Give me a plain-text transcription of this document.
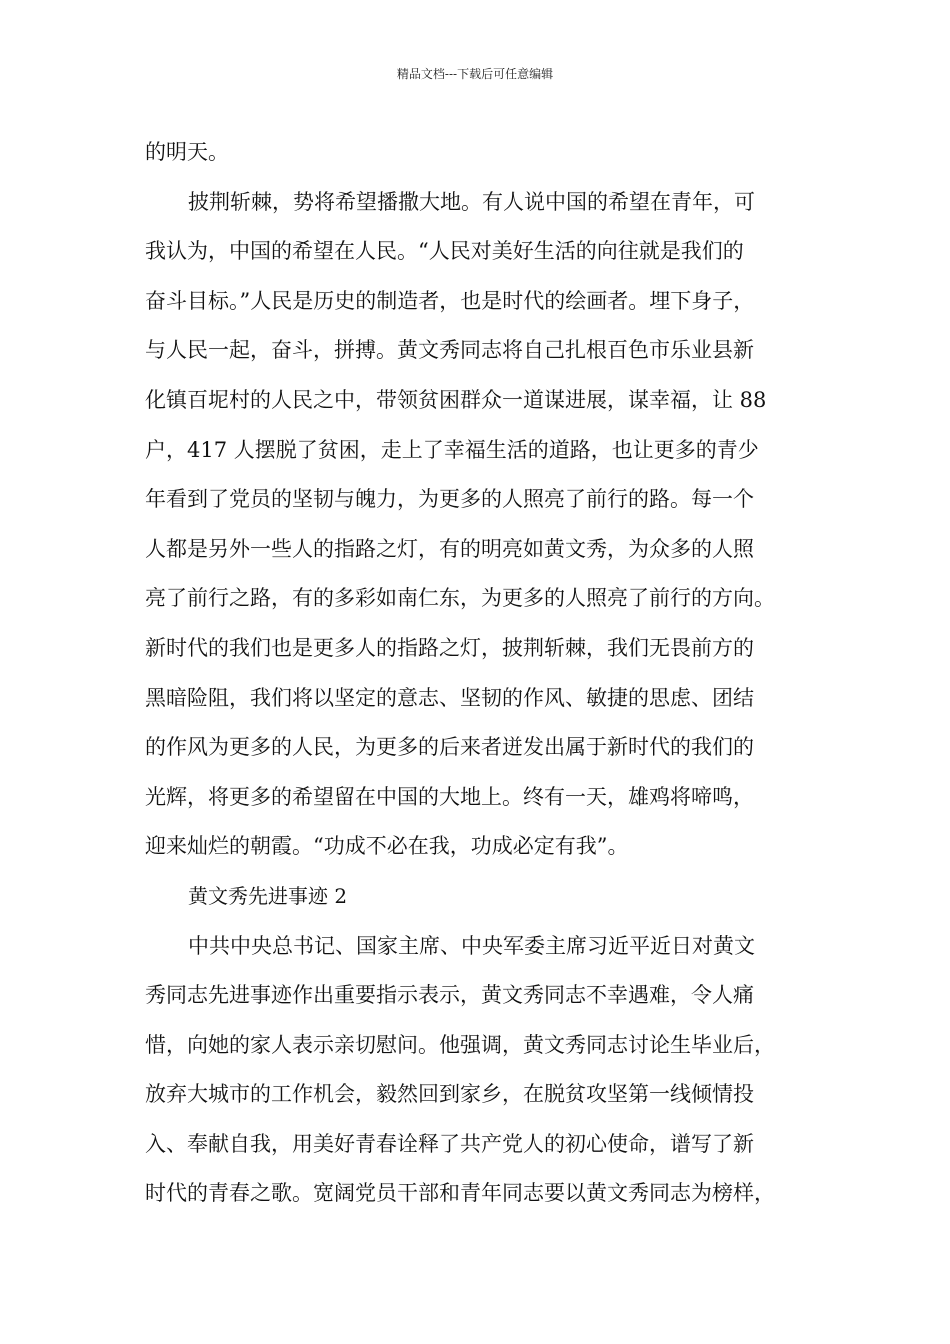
精品文档---下载后可任意编辑
的明天。
披荆斩棘，势将希望播撒大地。有人说中国的希望在青年，可
我认为，中国的希望在人民。“人民对美好生活的向往就是我们的
奋斗目标。”人民是历史的制造者，也是时代的绘画者。埋下身子，
与人民一起，奋斗，拼搏。黄文秀同志将自己扎根百色市乐业县新
化镇百坭村的人民之中，带领贫困群众一道谋进展，谋幸福，让 88
户，417 人摆脱了贫困，走上了幸福生活的道路，也让更多的青少
年看到了党员的坚韧与魄力，为更多的人照亮了前行的路。每一个
人都是另外一些人的指路之灯，有的明亮如黄文秀，为众多的人照
亮了前行之路，有的多彩如南仁东，为更多的人照亮了前行的方向。
新时代的我们也是更多人的指路之灯，披荆斩棘，我们无畏前方的
黑暗险阻，我们将以坚定的意志、坚韧的作风、敏捷的思虑、团结
的作风为更多的人民，为更多的后来者迸发出属于新时代的我们的
光辉，将更多的希望留在中国的大地上。终有一天，雄鸡将啼鸣，
迎来灿烂的朝霞。“功成不必在我，功成必定有我”。
黄文秀先进事迹 2
中共中央总书记、国家主席、中央军委主席习近平近日对黄文
秀同志先进事迹作出重要指示表示，黄文秀同志不幸遇难，令人痛
惜，向她的家人表示亲切慰问。他强调，黄文秀同志讨论生毕业后，
放弃大城市的工作机会，毅然回到家乡，在脱贫攻坚第一线倾情投
入、奉献自我，用美好青春诠释了共产党人的初心使命，谱写了新
时代的青春之歌。宽阔党员干部和青年同志要以黄文秀同志为榜样，
